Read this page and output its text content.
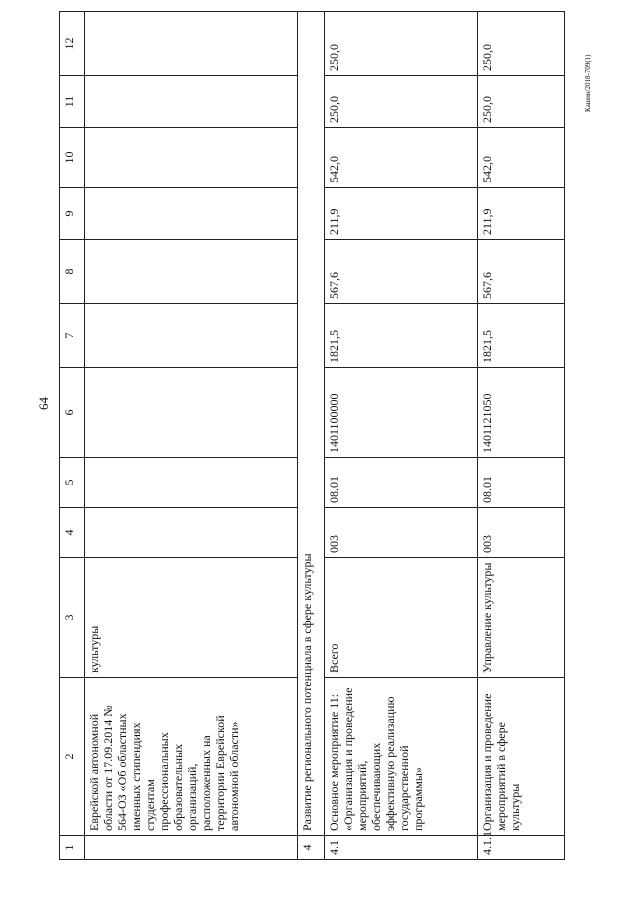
64
Кашин/2018-709(1)
1	2	3	4	5	6	7	8	9	10	11	12
	Еврейской автономной области от 17.09.2014 № 564-ОЗ «Об областных именных стипендиях студентам профессиональных образовательных организаций, расположенных на территории Еврейской автономной области»	культуры									
4	Развитие регионального потенциала в сфере культуры										
4.1	Основное мероприятие 11: «Организация и проведение мероприятий, обеспечивающих эффективную реализацию государственной программы»	Всего	003	08.01	1401100000	1821,5	567,6	211,9	542,0	250,0	250,0
4.1.1	Организация и проведение мероприятий в сфере культуры	Управление культуры	003	08.01	1401121050	1821,5	567,6	211,9	542,0	250,0	250,0
